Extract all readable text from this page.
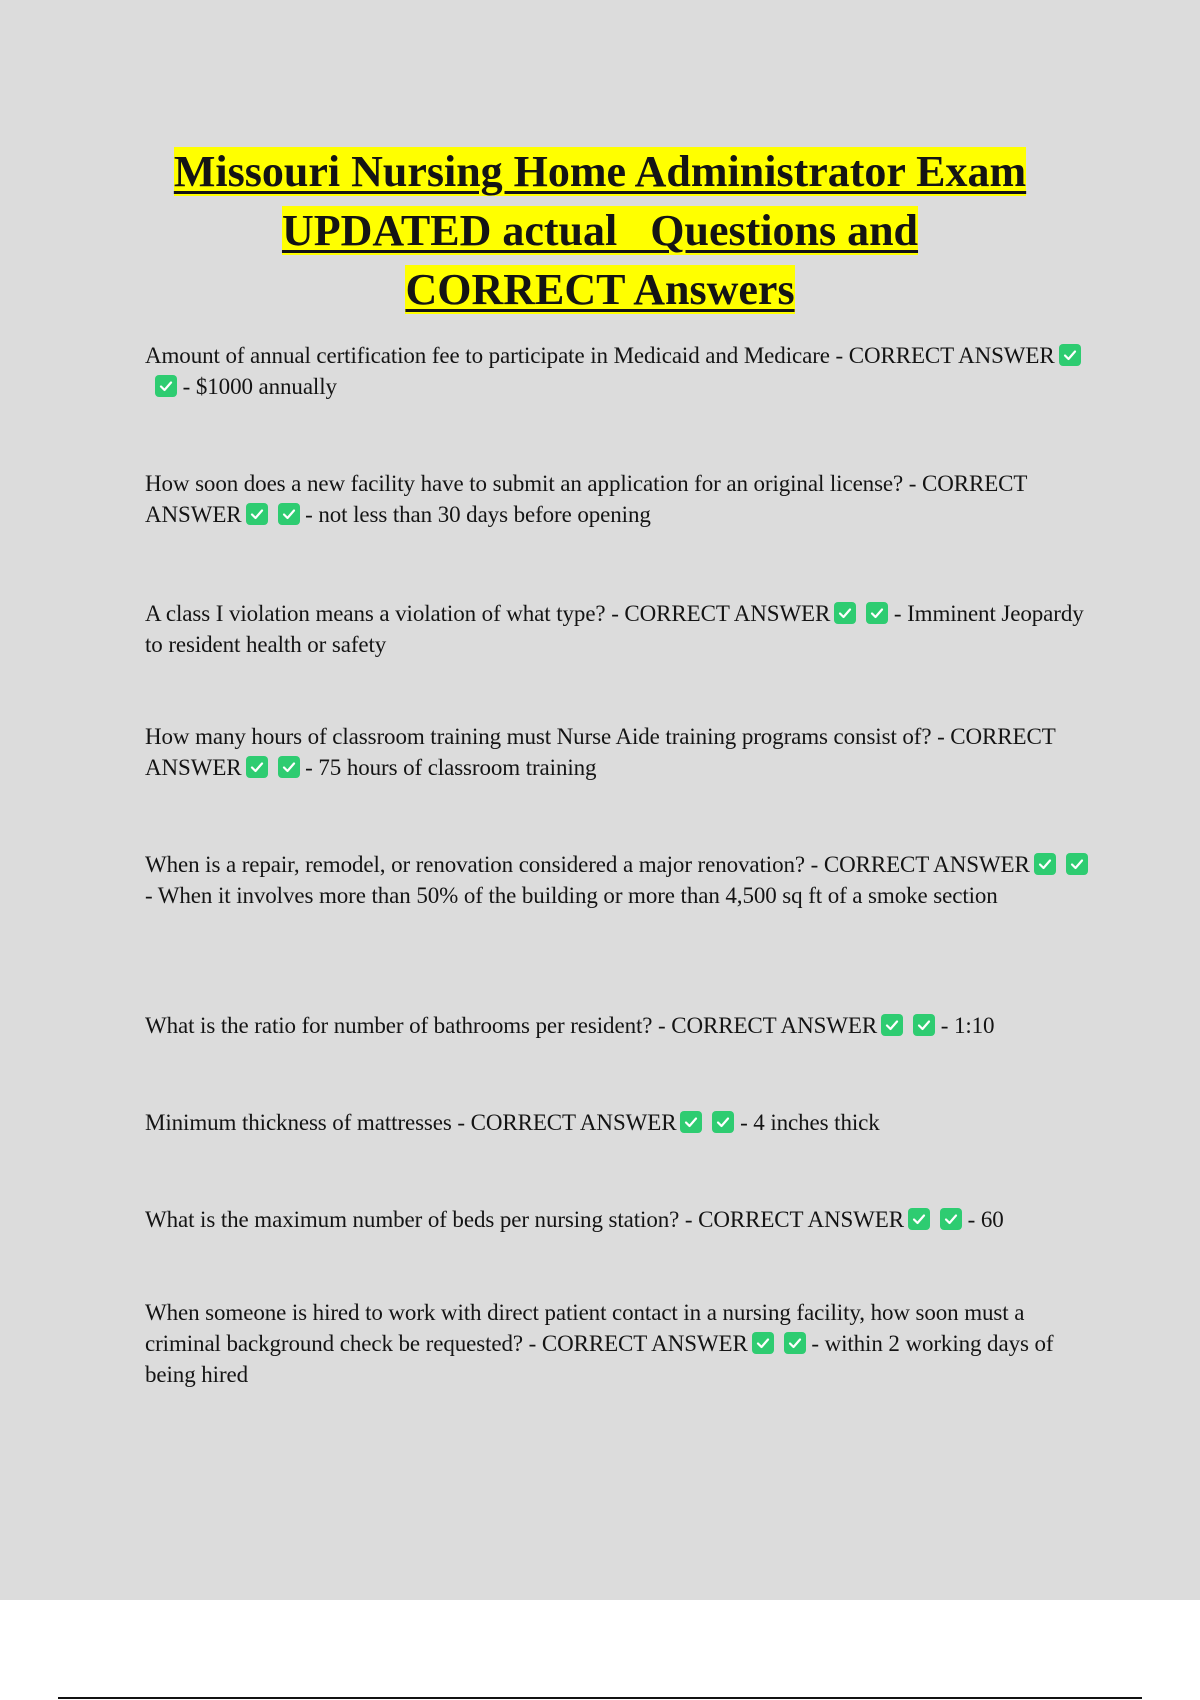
Missouri Nursing Home Administrator Exam
UPDATED actual   Questions and
CORRECT Answers
Amount of annual certification fee to participate in Medicaid and Medicare - CORRECT ANSWER
- $1000 annually
How soon does a new facility have to submit an application for an original license? - CORRECT ANSWER	- not less than 30 days before opening
A class I violation means a violation of what type? - CORRECT ANSWER	- Imminent Jeopardy to resident health or safety
How many hours of classroom training must Nurse Aide training programs consist of? - CORRECT ANSWER	- 75 hours of classroom training
When is a repair, remodel, or renovation considered a major renovation? - CORRECT ANSWER
- When it involves more than 50% of the building or more than 4,500 sq ft of a smoke section
What is the ratio for number of bathrooms per resident? - CORRECT ANSWER	- 1:10
Minimum thickness of mattresses - CORRECT ANSWER	- 4 inches thick
What is the maximum number of beds per nursing station? - CORRECT ANSWER	- 60
When someone is hired to work with direct patient contact in a nursing facility, how soon must a criminal background check be requested? - CORRECT ANSWER	- within 2 working days of being hired
